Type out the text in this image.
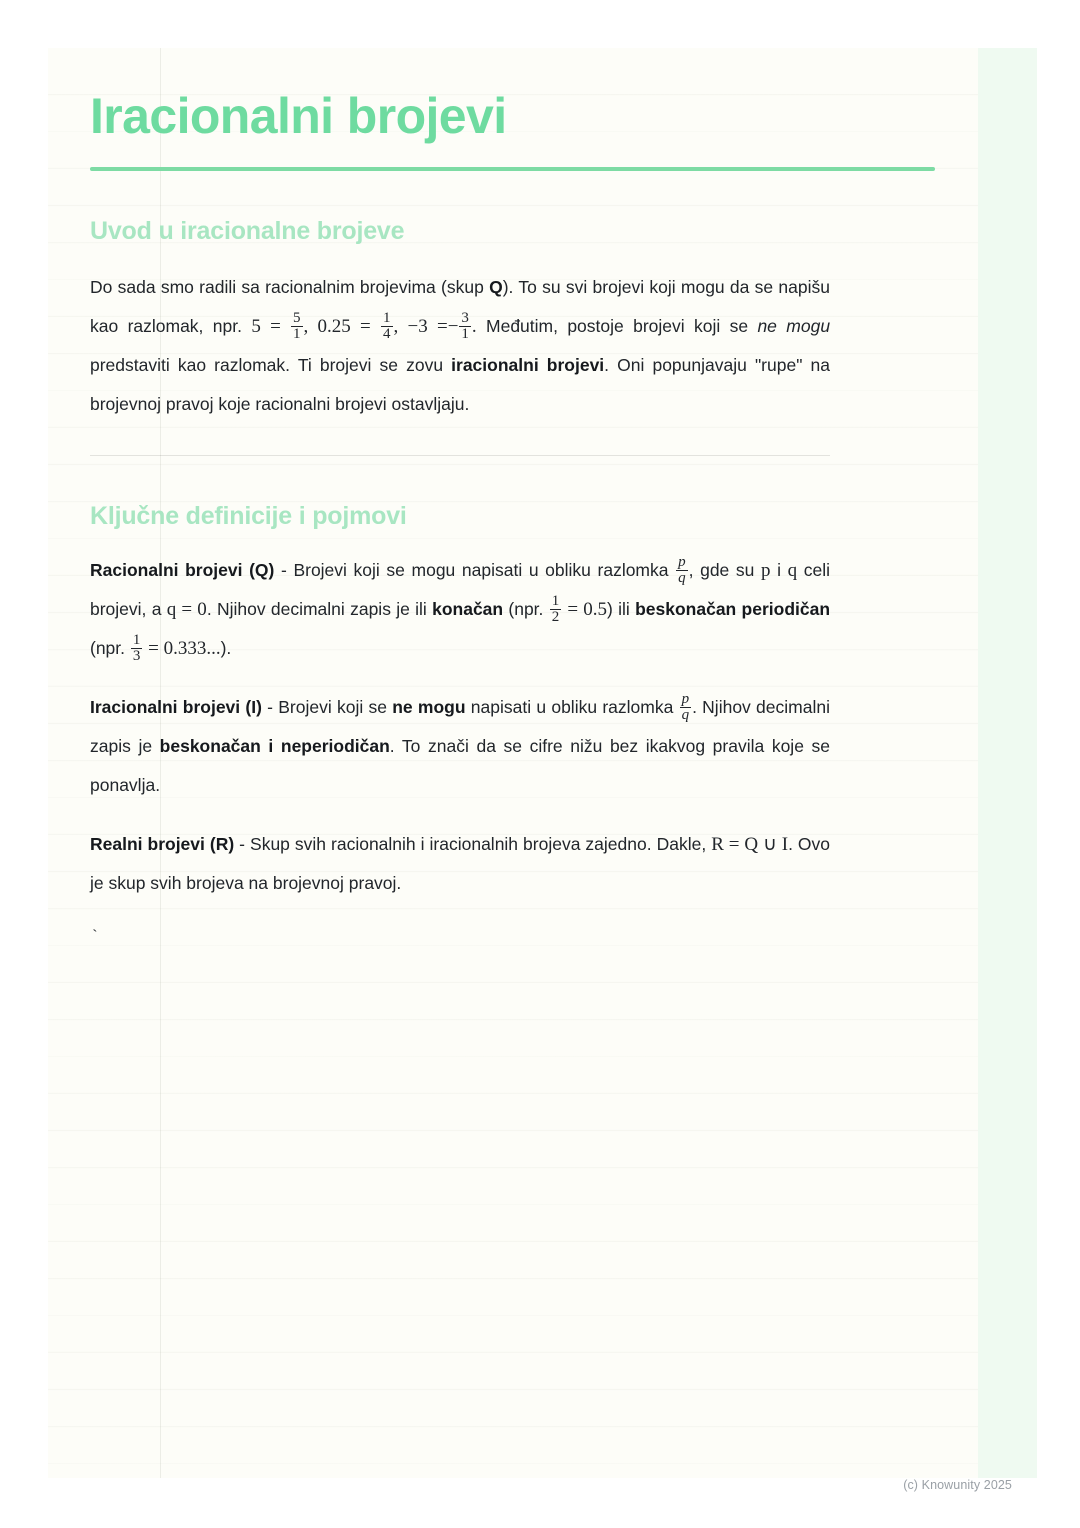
Iracionalni brojevi
Uvod u iracionalne brojeve

Do sada smo radili sa racionalnim brojevima (skup Q). To su svi brojevi koji mogu da se napišu kao razlomak, npr. $5 = \frac{5}{1}$ , $0.25 = \frac{1}{4}$ , $-3 =- \frac{3}{1}$ . Međutim, postoje brojevi koji se ne mogu predstaviti kao razlomak. Ti brojevi se zovu iracionalni brojevi. Oni popunjavaju "rupe" na brojevnoj pravoj koje racionalni brojevi ostavljaju.

Ključne definicije i pojmovi

Racionalni brojevi (Q) - Brojevi koji se mogu napisati u obliku razlomka $\frac{p}{q}$ , gde su p i q celi brojevi, a q = 0. Njihov decimalni zapis je ili konačan (npr. $\frac{1}{2} = 0.5$) ili beskonačan periodičan (npr. $\frac{1}{3} = 0.333$...).

Iracionalni brojevi (I) - Brojevi koji se ne mogu napisati u obliku razlomka $\frac{p}{q}$ . Njihov decimalni zapis je beskonačan i neperiodičan. To znači da se cifre nižu bez ikakvog pravila koje se ponavlja.

Realni brojevi (R) - Skup svih racionalnih i iracionalnih brojeva zajedno. Dakle, R = Q ∪ I. Ovo je skup svih brojeva na brojevnoj pravoj.

`
(c) Knowunity 2025
